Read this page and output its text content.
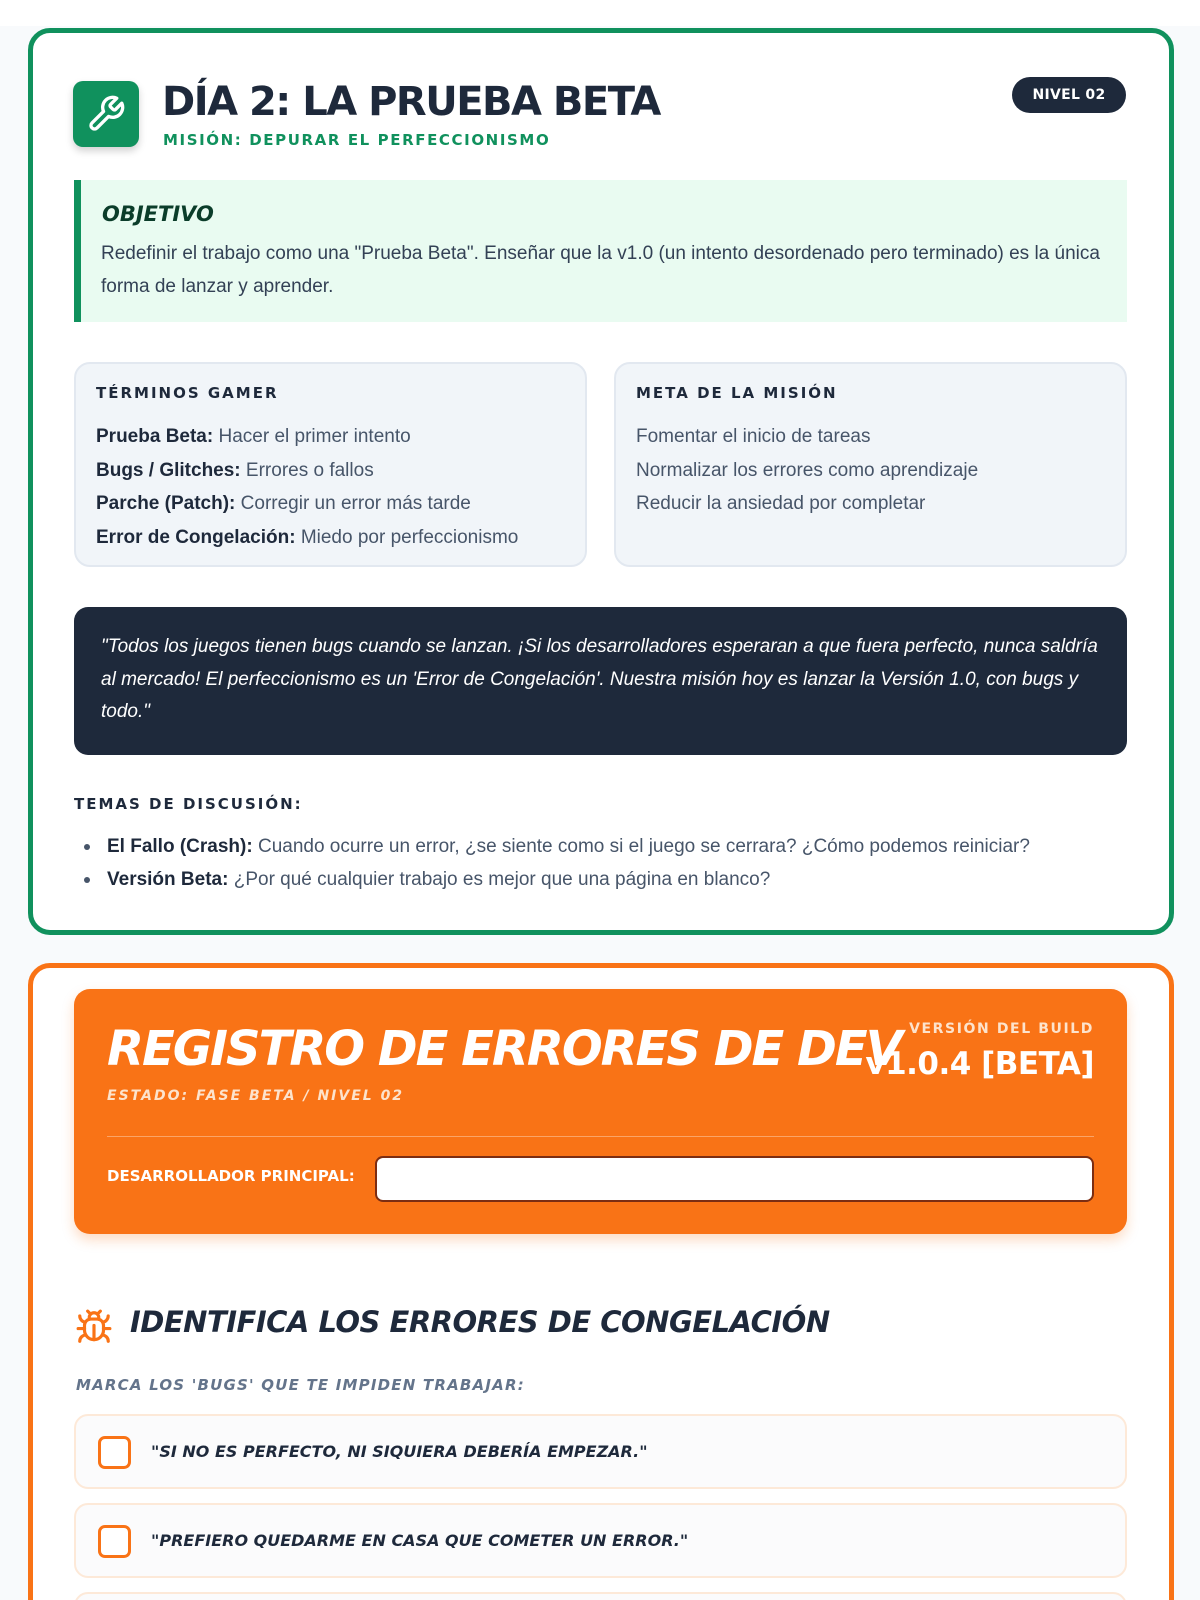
DÍA 2: LA PRUEBA BETA
MISIÓN: DEPURAR EL PERFECCIONISMO
NIVEL 02
OBJETIVO

Redefinir el trabajo como una "Prueba Beta". Enseñar que la v1.0 (un intento desordenado pero terminado) es la única forma de lanzar y aprender.

TÉRMINOS GAMER
Prueba Beta: Hacer el primer intento
Bugs / Glitches: Errores o fallos
Parche (Patch): Corregir un error más tarde
Error de Congelación: Miedo por perfeccionismo
META DE LA MISIÓN
Fomentar el inicio de tareas
Normalizar los errores como aprendizaje
Reducir la ansiedad por completar

"Todos los juegos tienen bugs cuando se lanzan. ¡Si los desarrolladores esperaran a que fuera perfecto, nunca saldría al mercado! El perfeccionismo es un 'Error de Congelación'. Nuestra misión hoy es lanzar la Versión 1.0, con bugs y todo."

TEMAS DE DISCUSIÓN:
El Fallo (Crash): Cuando ocurre un error, ¿se siente como si el juego se cerrara? ¿Cómo podemos reiniciar?
Versión Beta: ¿Por qué cualquier trabajo es mejor que una página en blanco?
REGISTRO DE ERRORES DE DEV
ESTADO: FASE BETA / NIVEL 02
VERSIÓN DEL BUILD
v1.0.4 [BETA]
DESARROLLADOR PRINCIPAL:
IDENTIFICA LOS ERRORES DE CONGELACIÓN
MARCA LOS 'BUGS' QUE TE IMPIDEN TRABAJAR:
"SI NO ES PERFECTO, NI SIQUIERA DEBERÍA EMPEZAR."
"PREFIERO QUEDARME EN CASA QUE COMETER UN ERROR."
